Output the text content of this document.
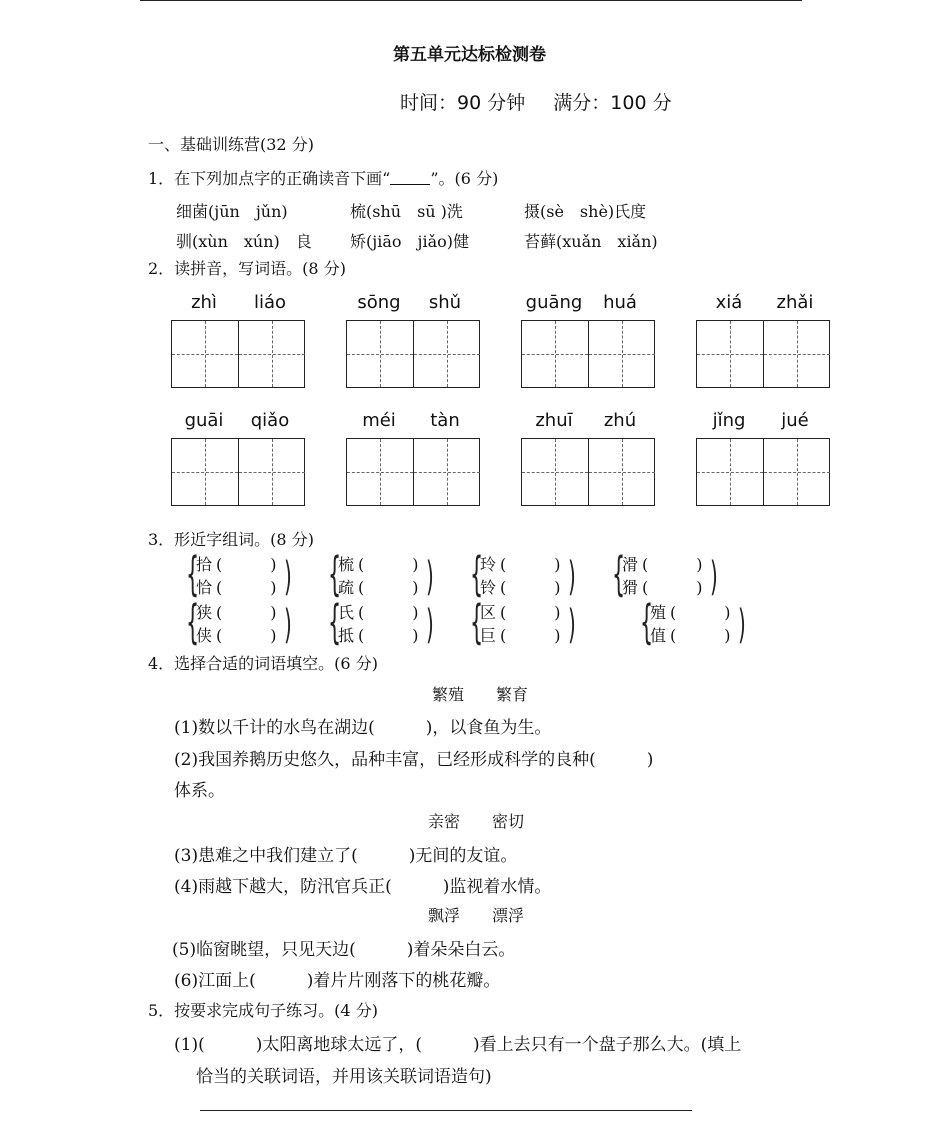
第五单元达标检测卷
时间：90 分钟 满分：100 分
一、基础训练营(32 分)
1．在下列加点字的正确读音下画“	”。(6 分)
细菌(jūn　jǔn)	梳(shū　sū )洗	摄(sè　shè)氏度
驯(xùn　xún)　良 矫(jiāo　jiǎo)健	苔藓(xuǎn　xiǎn)
2．读拼音，写词语。(8 分)
zhì	liáo	sōng	shǔ	guāng	huá	xiá	zhǎi
guāi	qiǎo	méi	tàn	zhuī	zhú	jǐng	jué
3．形近字组词。(8 分)
{
拾 (　　　)
恰 (　　　) ) {
梳 (　　　)
疏 (　　　) ) {
玲 (　　　)
铃 (　　　) ) {
滑 (　　　)
猾 (　　　) )
{
狭 (　　　)
侠 (　　　) ) {
氏 (　　　)
抵 (　　　) ) {
区 (　　　)
巨 (　　　) ) {
殖 (　　　)
值 (　　　) )
4．选择合适的词语填空。(6 分)
繁殖　　繁育
(1)数以千计的水鸟在湖边(　　　)，以食鱼为生。
(2)我国养鹅历史悠久，品种丰富，已经形成科学的良种(　　　)
体系。
亲密　　密切
(3)患难之中我们建立了(　　　)无间的友谊。
(4)雨越下越大，防汛官兵正(　　　)监视着水情。
飘浮　　漂浮
(5)临窗眺望，只见天边(　　　)着朵朵白云。
(6)江面上(　　　)着片片刚落下的桃花瓣。
5．按要求完成句子练习。(4 分)
(1)(　　　)太阳离地球太远了，(　　　)看上去只有一个盘子那么大。(填上
恰当的关联词语，并用该关联词语造句)
